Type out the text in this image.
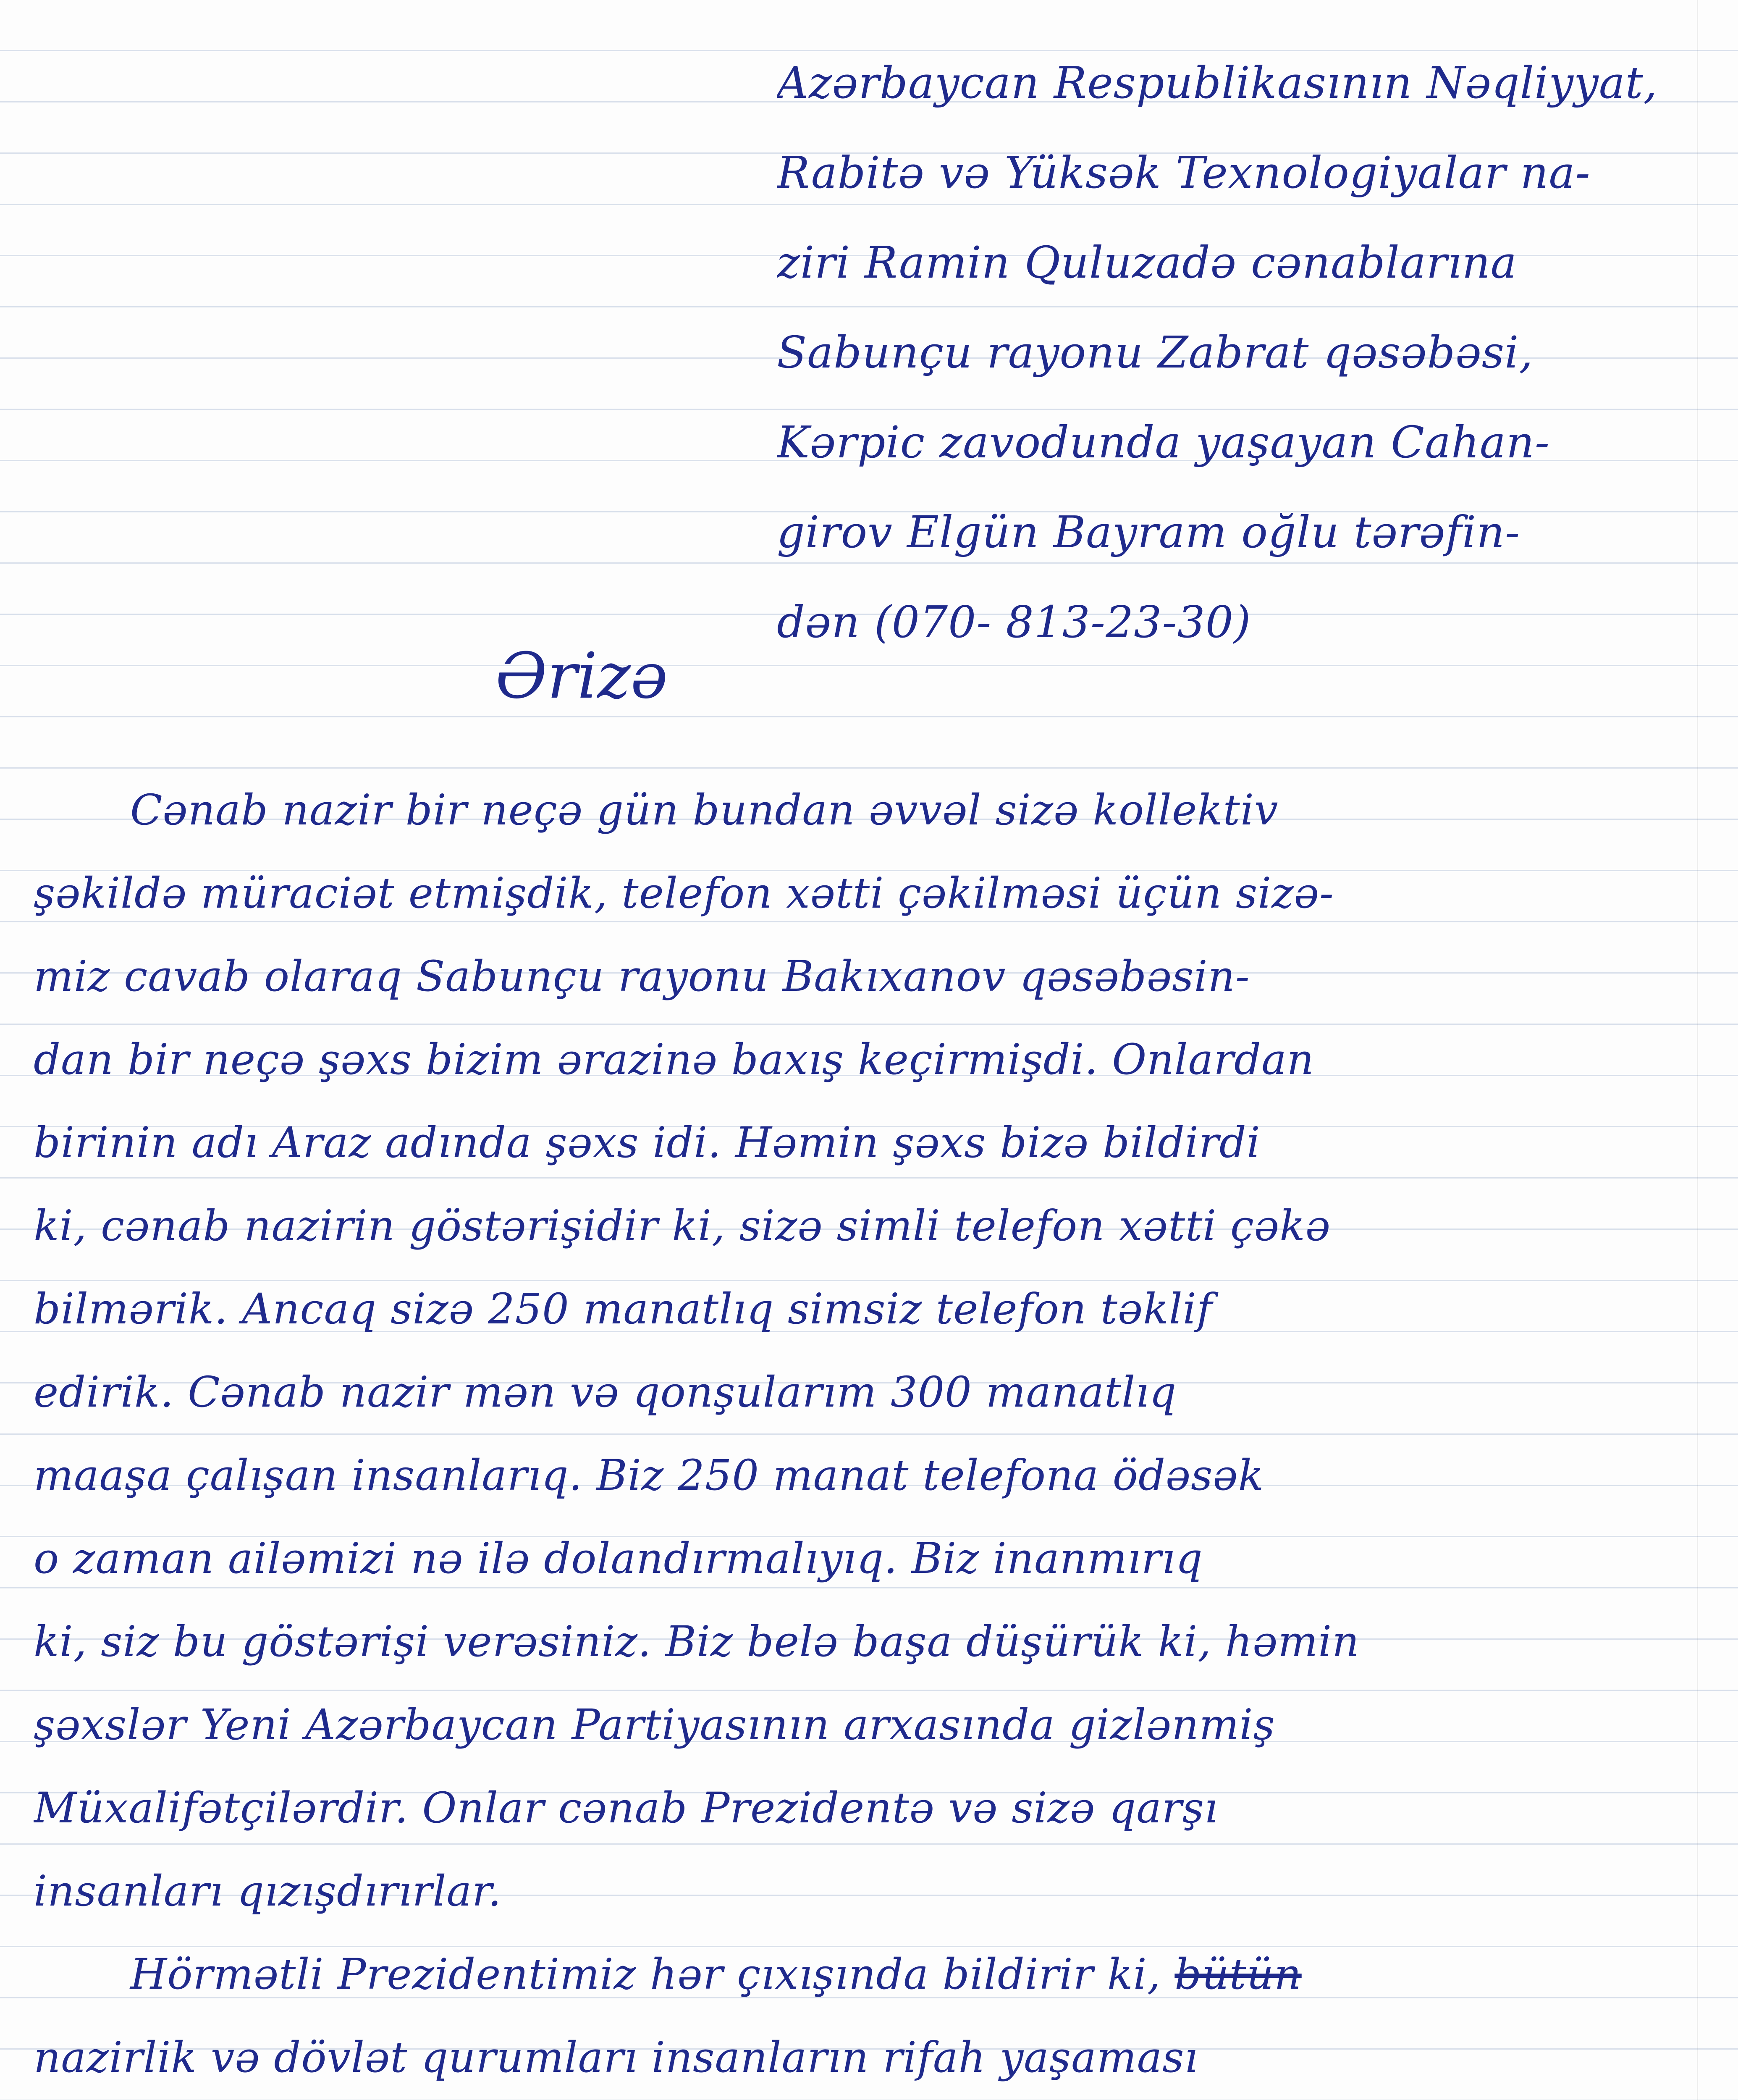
Azərbaycan Respublikasının Nəqliyyat,
Rabitə və Yüksək Texnologiyalar na-
ziri Ramin Quluzadə cənablarına
Sabunçu rayonu Zabrat qəsəbəsi,
Kərpic zavodunda yaşayan Cahan-
girov Elgün Bayram oğlu tərəfin-
dən (070- 813-23-30)
Ərizə
Cənab nazir bir neçə gün bundan əvvəl sizə kollektiv
şəkildə müraciət etmişdik, telefon xətti çəkilməsi üçün sizə-
miz cavab olaraq Sabunçu rayonu Bakıxanov qəsəbəsin-
dan bir neçə şəxs bizim ərazinə baxış keçirmişdi. Onlardan
birinin adı Araz adında şəxs idi. Həmin şəxs bizə bildirdi
ki, cənab nazirin göstərişidir ki, sizə simli telefon xətti çəkə
bilmərik. Ancaq sizə 250 manatlıq simsiz telefon təklif
edirik. Cənab nazir mən və qonşularım 300 manatlıq
maaşa çalışan insanlarıq. Biz 250 manat telefona ödəsək
o zaman ailəmizi nə ilə dolandırmalıyıq. Biz inanmırıq
ki, siz bu göstərişi verəsiniz. Biz belə başa düşürük ki, həmin
şəxslər Yeni Azərbaycan Partiyasının arxasında gizlənmiş
Müxalifətçilərdir. Onlar cənab Prezidentə və sizə qarşı
insanları qızışdırırlar.
Hörmətli Prezidentimiz hər çıxışında bildirir ki, bütün
nazirlik və dövlət qurumları insanların rifah yaşaması
